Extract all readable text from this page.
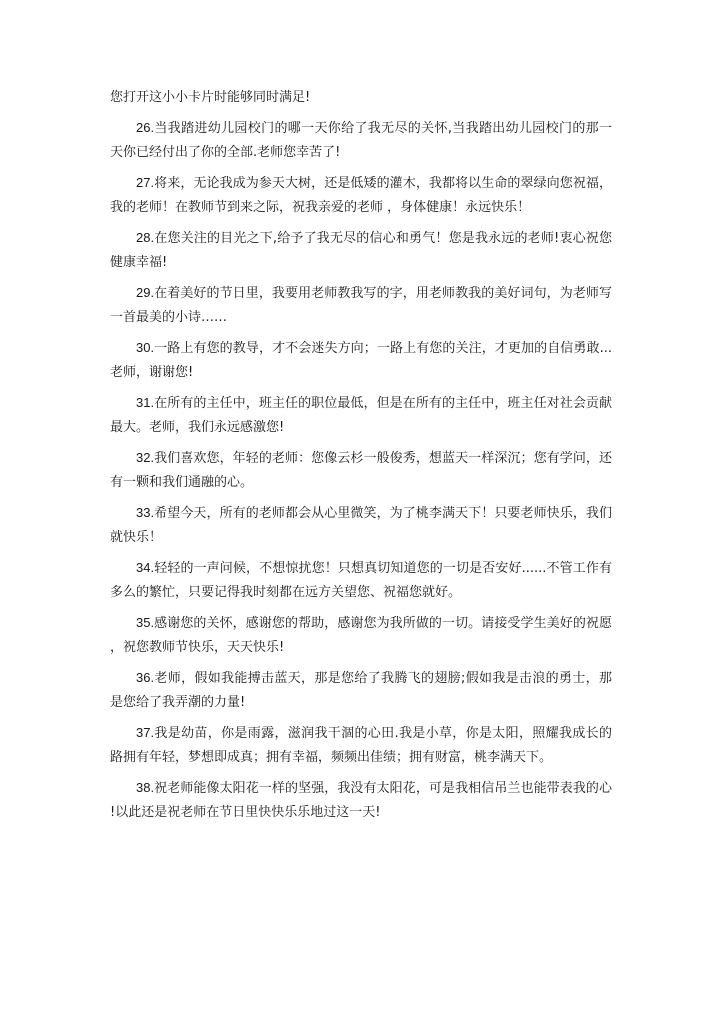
您打开这小小卡片时能够同时满足!

26.当我踏进幼儿园校门的哪一天你给了我无尽的关怀,当我踏出幼儿园校门的那一天你已经付出了你的全部.老师您幸苦了!

27.将来，无论我成为参天大树，还是低矮的灌木，我都将以生命的翠绿向您祝福，我的老师！在教师节到来之际，祝我亲爱的老师 ，身体健康！永远快乐！

28.在您关注的目光之下,给予了我无尽的信心和勇气！您是我永远的老师!衷心祝您健康幸福!

29.在着美好的节日里，我要用老师教我写的字，用老师教我的美好词句，为老师写一首最美的小诗……

30.一路上有您的教导，才不会迷失方向；一路上有您的关注，才更加的自信勇敢...老师，谢谢您!

31.在所有的主任中，班主任的职位最低，但是在所有的主任中，班主任对社会贡献最大。老师，我们永远感激您!

32.我们喜欢您，年轻的老师：您像云杉一般俊秀，想蓝天一样深沉；您有学问，还有一颗和我们通融的心。

33.希望今天，所有的老师都会从心里微笑，为了桃李满天下！只要老师快乐，我们就快乐！

34.轻轻的一声问候，不想惊扰您！只想真切知道您的一切是否安好......不管工作有多么的繁忙，只要记得我时刻都在远方关望您、祝福您就好。

35.感谢您的关怀，感谢您的帮助，感谢您为我所做的一切。请接受学生美好的祝愿，祝您教师节快乐，天天快乐!

36.老师，假如我能搏击蓝天，那是您给了我腾飞的翅膀;假如我是击浪的勇士，那是您给了我弄潮的力量!

37.我是幼苗，你是雨露，滋润我干涸的心田.我是小草，你是太阳，照耀我成长的路拥有年轻，梦想即成真；拥有幸福，频频出佳绩；拥有财富，桃李满天下。

38.祝老师能像太阳花一样的坚强，我没有太阳花，可是我相信吊兰也能带表我的心!以此还是祝老师在节日里快快乐乐地过这一天!
